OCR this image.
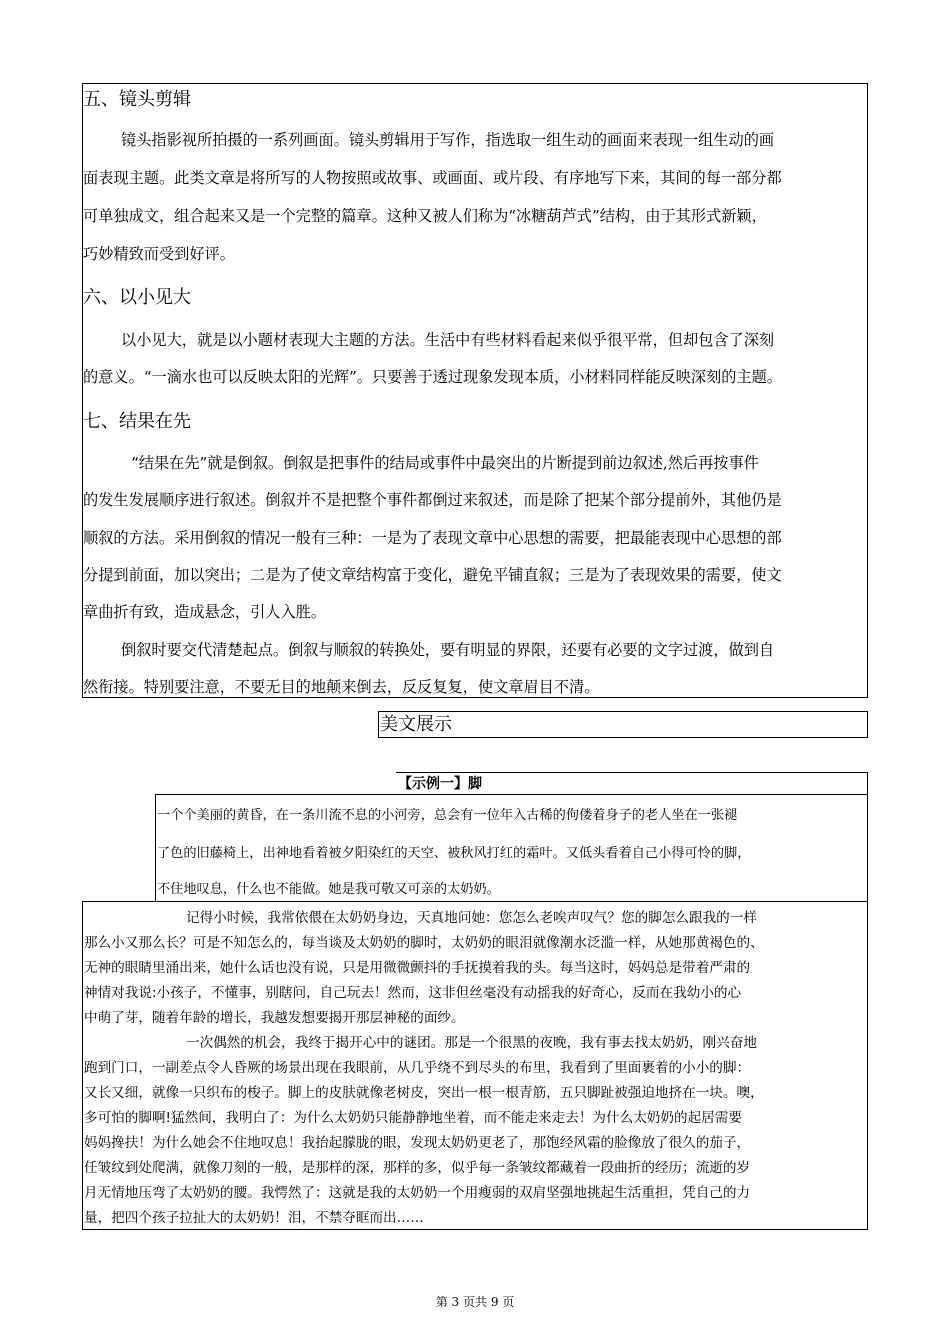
五、镜头剪辑
镜头指影视所拍摄的一系列画面。镜头剪辑用于写作，指选取一组生动的画面来表现一组生动的画
面表现主题。此类文章是将所写的人物按照或故事、或画面、或片段、有序地写下来，其间的每一部分都
可单独成文，组合起来又是一个完整的篇章。这种又被人们称为“冰糖葫芦式”结构，由于其形式新颖，
巧妙精致而受到好评。
六、以小见大
以小见大，就是以小题材表现大主题的方法。生活中有些材料看起来似乎很平常，但却包含了深刻
的意义。“一滴水也可以反映太阳的光辉”。只要善于透过现象发现本质，小材料同样能反映深刻的主题。
七、结果在先
“结果在先”就是倒叙。倒叙是把事件的结局或事件中最突出的片断提到前边叙述,然后再按事件
的发生发展顺序进行叙述。倒叙并不是把整个事件都倒过来叙述，而是除了把某个部分提前外，其他仍是
顺叙的方法。采用倒叙的情况一般有三种：一是为了表现文章中心思想的需要，把最能表现中心思想的部
分提到前面，加以突出；二是为了使文章结构富于变化，避免平铺直叙；三是为了表现效果的需要，使文
章曲折有致，造成悬念，引人入胜。
倒叙时要交代清楚起点。倒叙与顺叙的转换处，要有明显的界限，还要有必要的文字过渡，做到自
然衔接。特别要注意，不要无目的地颠来倒去，反反复复，使文章眉目不清。
美文展示
【示例一】脚
一个个美丽的黄昏，在一条川流不息的小河旁，总会有一位年入古稀的佝偻着身子的老人坐在一张褪
了色的旧藤椅上，出神地看着被夕阳染红的天空、被秋风打红的霜叶。又低头看着自己小得可怜的脚，
不住地叹息，什么也不能做。她是我可敬又可亲的太奶奶。
记得小时候，我常依偎在太奶奶身边，天真地问她：您怎么老唉声叹气？您的脚怎么跟我的一样
那么小又那么长？可是不知怎么的，每当谈及太奶奶的脚时，太奶奶的眼泪就像潮水泛滥一样，从她那黄褐色的、
无神的眼睛里涌出来，她什么话也没有说，只是用微微颤抖的手抚摸着我的头。每当这时，妈妈总是带着严肃的
神情对我说:小孩子，不懂事，别瞎问，自己玩去！然而，这非但丝毫没有动摇我的好奇心，反而在我幼小的心
中萌了芽，随着年龄的增长，我越发想要揭开那层神秘的面纱。
一次偶然的机会，我终于揭开心中的谜团。那是一个很黑的夜晚，我有事去找太奶奶，刚兴奋地
跑到门口，一副差点令人昏厥的场景出现在我眼前，从几乎绕不到尽头的布里，我看到了里面裹着的小小的脚：
又长又细，就像一只织布的梭子。脚上的皮肤就像老树皮，突出一根一根青筋，五只脚趾被强迫地挤在一块。噢，
多可怕的脚啊!猛然间，我明白了：为什么太奶奶只能静静地坐着，而不能走来走去！为什么太奶奶的起居需要
妈妈搀扶！为什么她会不住地叹息！我抬起朦胧的眼，发现太奶奶更老了，那饱经风霜的脸像放了很久的茄子，
任皱纹到处爬满，就像刀刻的一般，是那样的深，那样的多，似乎每一条皱纹都藏着一段曲折的经历；流逝的岁
月无情地压弯了太奶奶的腰。我愕然了：这就是我的太奶奶一个用瘦弱的双肩坚强地挑起生活重担，凭自己的力
量，把四个孩子拉扯大的太奶奶！泪，不禁夺眶而出……
第 3 页共 9 页
